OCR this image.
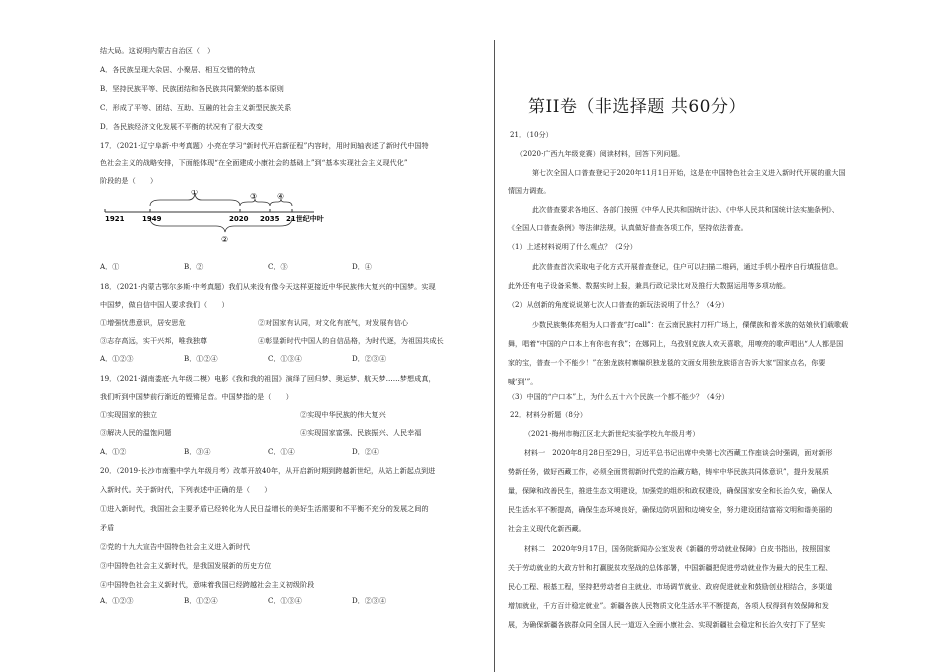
结大局。这说明内蒙古自治区（　）
A．各民族呈现大杂居、小聚居、相互交错的特点
B．坚持民族平等、民族团结和各民族共同繁荣的基本原则
C．形成了平等、团结、互助、互融的社会主义新型民族关系
D．各民族经济文化发展不平衡的状况有了很大改变
17．（2021·辽宁阜新·中考真题）小亮在学习“新时代开启新征程”内容时，用时间轴表述了新时代中国特
色社会主义的战略安排，下面能体现“在全面建成小康社会的基础上”到“基本实现社会主义现代化”
阶段的是（　　）
1921	1949	2020 2035 21世纪中叶
①
②
③ ④
A．①	B．②	C．③	D．④
18．（2021·内蒙古鄂尔多斯·中考真题）我们从来没有像今天这样更接近中华民族伟大复兴的中国梦。实现
中国梦，做自信中国人要求我们（　　）
①增强忧患意识，居安思危	②对国家有认同，对文化有底气，对发展有信心
③志存高远，实干兴邦，唯我独尊	④彰显新时代中国人的自信品格，为时代逐，为祖国共成长
A．①②③	B．①②④	C．①③④	D．②③④
19．（2021·湖南娄底·九年级二模）电影《我和我的祖国》演绎了回归梦、奥运梦、航天梦……梦想成真，
我们听到中国梦前行渐近的铿锵足音。中国梦指的是（　　）
①实现国家的独立	②实现中华民族的伟大复兴
③解决人民的温饱问题	④实现国家富强、民族振兴、人民幸福
A．①②	B．③④	C．①④	D．②④
20．（2019·长沙市南雅中学九年级月考）改革开放40年，从开启新时期到跨越新世纪，从站上新起点到进
入新时代。关于新时代，下列表述中正确的是（　　）
①进入新时代，我国社会主要矛盾已经转化为人民日益增长的美好生活需要和不平衡不充分的发展之间的
矛盾
②党的十九大宣告中国特色社会主义进入新时代
③中国特色社会主义新时代，是我国发展新的历史方位
④中国特色社会主义新时代，意味着我国已经跨越社会主义初级阶段
A．①②③	B．①②④	C．①③④	D．②③④
第II卷（非选择题 共60分）
21．（10分）
（2020·广西九年级竞赛）阅读材料，回答下列问题。
第七次全国人口普查登记于2020年11月1日开始，这是在中国特色社会主义进入新时代开展的重大国
情国力调查。
此次普查要求各地区、各部门按照《中华人民共和国统计法》、《中华人民共和国统计法实施条例》、
《全国人口普查条例》等法律法规，认真做好普查各项工作，坚持依法普查。
（1）上述材料说明了什么观点？（2分）
此次普查首次采取电子化方式开展普查登记，住户可以扫描二维码，通过手机小程序自行填报信息。
此外还有电子设备采集、数据实时上报，兼具行政记录比对及推行大数据运用等多项功能。
（2）从创新的角度说说第七次人口普查的新玩法说明了什么？（4分）
少数民族集体亮相为人口普查“打call”：在云南民族村刀杆广场上，傈僳族和普米族的姑娘伙们载歌载
舞，唱着“中国的户口本上有你也有我”；在娜同上，乌孜别克族人欢天喜歌，用嘹亮的歌声唱出“人人都是国
家的宝，普查一个不能少！”在独龙族村寨编织独龙毯的文面女用独龙族语言告诉大家“国家点名，你要
喊‘到’”。
（3）中国的“户口本”上，为什么五十六个民族一个都不能少？（4分）
22．材料分析题（8分）
（2021·梅州市梅江区北大新世纪实验学校九年级月考）
材料一　2020年8月28日至29日，习近平总书记出席中央第七次西藏工作座谈会时强调，面对新形
势新任务，做好西藏工作，必须全面贯彻新时代党的治藏方略，铸牢中华民族共同体意识”，提升发展质
量，保障和改善民生，推进生态文明建设，加强党的组织和政权建设，确保国家安全和长治久安，确保人
民生活水平不断提高，确保生态环境良好，确保边防巩固和边境安全，努力建设团结富裕文明和谐美丽的
社会主义现代化新西藏。
材料二　2020年9月17日，国务院新闻办公室发表《新疆的劳动就业保障》白皮书指出，按照国家
关于劳动就业的大政方针和打赢脱贫攻坚战的总体部署，中国新疆把促进劳动就业作为最大的民生工程、
民心工程、根基工程，坚持把劳动者自主就业、市场调节就业、政府促进就业和鼓励创业相结合，多渠道
增加就业，千方百计稳定就业”。新疆各族人民物质文化生活水平不断提高，各项人权得到有效保障和发
展，为确保新疆各族群众同全国人民一道迈入全面小康社会、实现新疆社会稳定和长治久安打下了坚实
